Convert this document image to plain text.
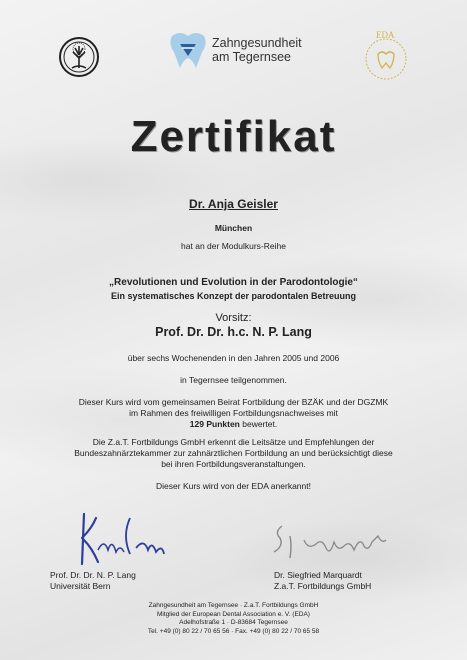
Zahngesundheit
am Tegernsee
EDA
Zertifikat
Dr. Anja Geisler
München
hat an der Modulkurs-Reihe
„Revolutionen und Evolution in der Parodontologie“
Ein systematisches Konzept der parodontalen Betreuung
Vorsitz:
Prof. Dr. Dr. h.c. N. P. Lang
über sechs Wochenenden in den Jahren 2005 und 2006
in Tegernsee teilgenommen.
Dieser Kurs wird vom gemeinsamen Beirat Fortbildung der BZÄK und der DGZMK
im Rahmen des freiwilligen Fortbildungsnachweises mit
129 Punkten bewertet.
Die Z.a.T. Fortbildungs GmbH erkennt die Leitsätze und Empfehlungen der
Bundeszahnärztekammer zur zahnärztlichen Fortbildung an und berücksichtigt diese
bei ihren Fortbildungsveranstaltungen.
Dieser Kurs wird von der EDA anerkannt!
Prof. Dr. Dr. N. P. Lang
Universität Bern
Dr. Siegfried Marquardt
Z.a.T. Fortbildungs GmbH
Zahngesundheit am Tegernsee · Z.a.T. Fortbildungs GmbH
Mitglied der European Dental Association e. V. (EDA)
Adelhofstraße 1 · D-83684 Tegernsee
Tel. +49 (0) 80 22 / 70 65 56 · Fax. +49 (0) 80 22 / 70 65 58
